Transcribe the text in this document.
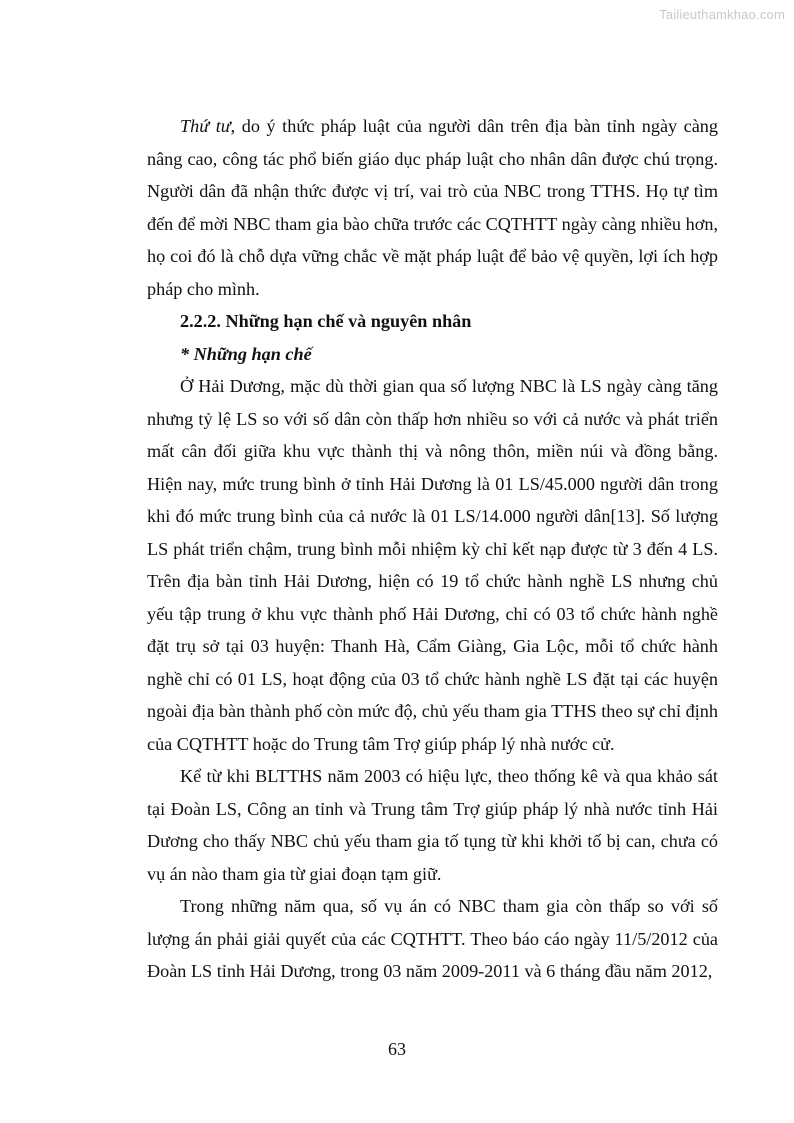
Tailieuthamkhao.com

Thứ tư, do ý thức pháp luật của người dân trên địa bàn tỉnh ngày càng nâng cao, công tác phổ biến giáo dục pháp luật cho nhân dân được chú trọng. Người dân đã nhận thức được vị trí, vai trò của NBC trong TTHS. Họ tự tìm đến để mời NBC tham gia bào chữa trước các CQTHTT ngày càng nhiều hơn, họ coi đó là chỗ dựa vững chắc về mặt pháp luật để bảo vệ quyền, lợi ích hợp pháp cho mình.

2.2.2. Những hạn chế và nguyên nhân

* Những hạn chế

Ở Hải Dương, mặc dù thời gian qua số lượng NBC là LS ngày càng tăng nhưng tỷ lệ LS so với số dân còn thấp hơn nhiều so với cả nước và phát triển mất cân đối giữa khu vực thành thị và nông thôn, miền núi và đồng bằng. Hiện nay, mức trung bình ở tỉnh Hải Dương là 01 LS/45.000 người dân trong khi đó mức trung bình của cả nước là 01 LS/14.000 người dân[13]. Số lượng LS phát triển chậm, trung bình mỗi nhiệm kỳ chỉ kết nạp được từ 3 đến 4 LS. Trên địa bàn tỉnh Hải Dương, hiện có 19 tổ chức hành nghề LS nhưng chủ yếu tập trung ở khu vực thành phố Hải Dương, chỉ có 03 tổ chức hành nghề đặt trụ sở tại 03 huyện: Thanh Hà, Cẩm Giàng, Gia Lộc, mỗi tổ chức hành nghề chỉ có 01 LS, hoạt động của 03 tổ chức hành nghề LS đặt tại các huyện ngoài địa bàn thành phố còn mức độ, chủ yếu tham gia TTHS theo sự chỉ định của CQTHTT hoặc do Trung tâm Trợ giúp pháp lý nhà nước cử.

Kể từ khi BLTTHS năm 2003 có hiệu lực, theo thống kê và qua khảo sát tại Đoàn LS, Công an tỉnh và Trung tâm Trợ giúp pháp lý nhà nước tỉnh Hải Dương cho thấy NBC chủ yếu tham gia tố tụng từ khi khởi tố bị can, chưa có vụ án nào tham gia từ giai đoạn tạm giữ.

Trong những năm qua, số vụ án có NBC tham gia còn thấp so với số lượng án phải giải quyết của các CQTHTT. Theo báo cáo ngày 11/5/2012 của Đoàn LS tỉnh Hải Dương, trong 03 năm 2009-2011 và 6 tháng đầu năm 2012,

63
